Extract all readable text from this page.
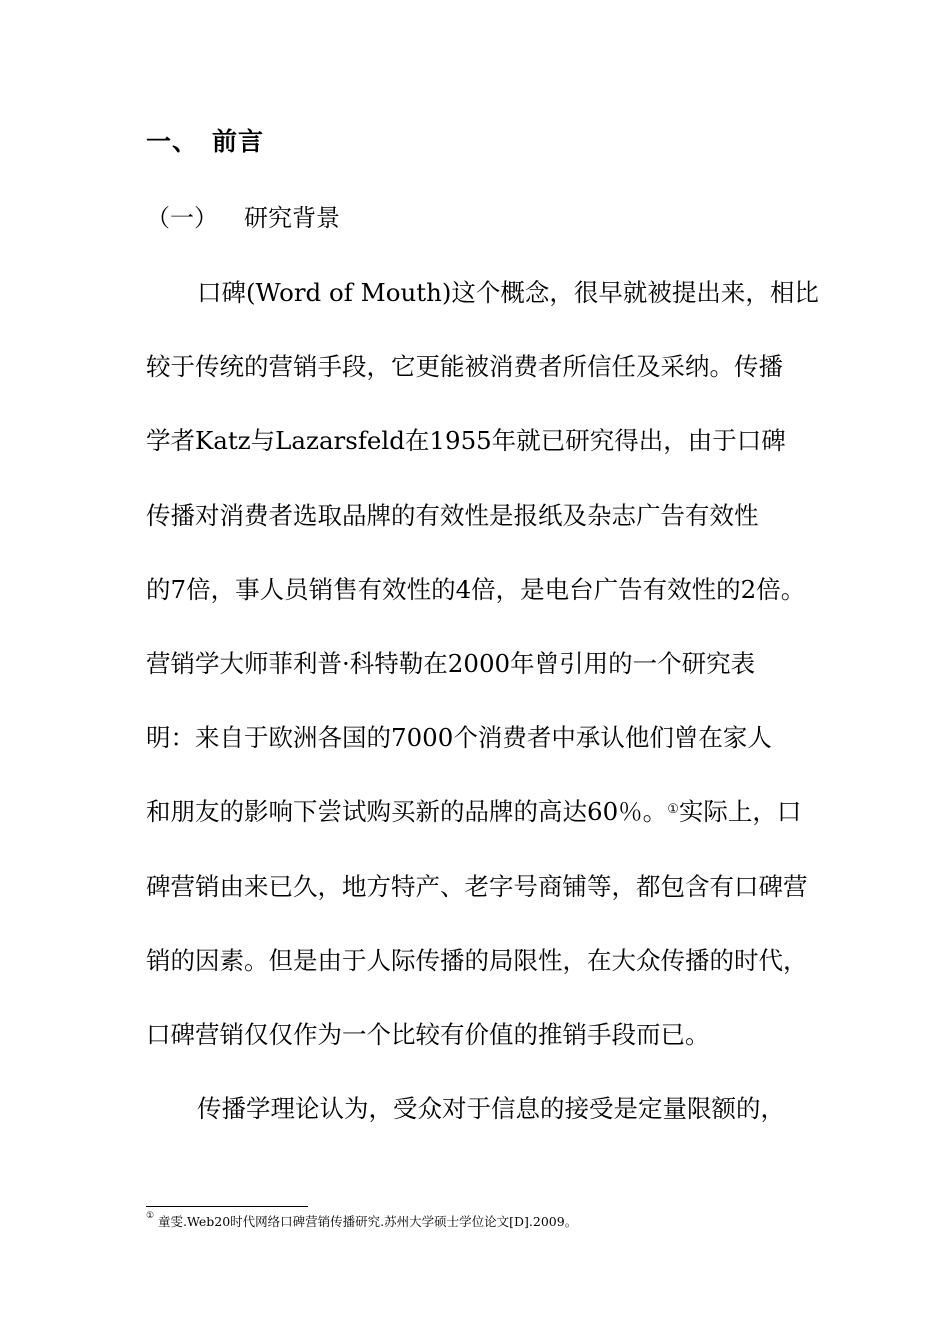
一、 前言
（一） 研究背景
口碑(Word of Mouth)这个概念，很早就被提出来，相比
较于传统的营销手段，它更能被消费者所信任及采纳。传播
学者Katz与Lazarsfeld在1955年就已研究得出，由于口碑
传播对消费者选取品牌的有效性是报纸及杂志广告有效性
的7倍，事人员销售有效性的4倍，是电台广告有效性的2倍。
营销学大师菲利普·科特勒在2000年曾引用的一个研究表
明：来自于欧洲各国的7000个消费者中承认他们曾在家人
和朋友的影响下尝试购买新的品牌的高达60％。①实际上，口
碑营销由来已久，地方特产、老字号商铺等，都包含有口碑营
销的因素。但是由于人际传播的局限性，在大众传播的时代，
口碑营销仅仅作为一个比较有价值的推销手段而已。
传播学理论认为，受众对于信息的接受是定量限额的，
① 童雯.Web20时代网络口碑营销传播研究.苏州大学硕士学位论文[D].2009。
